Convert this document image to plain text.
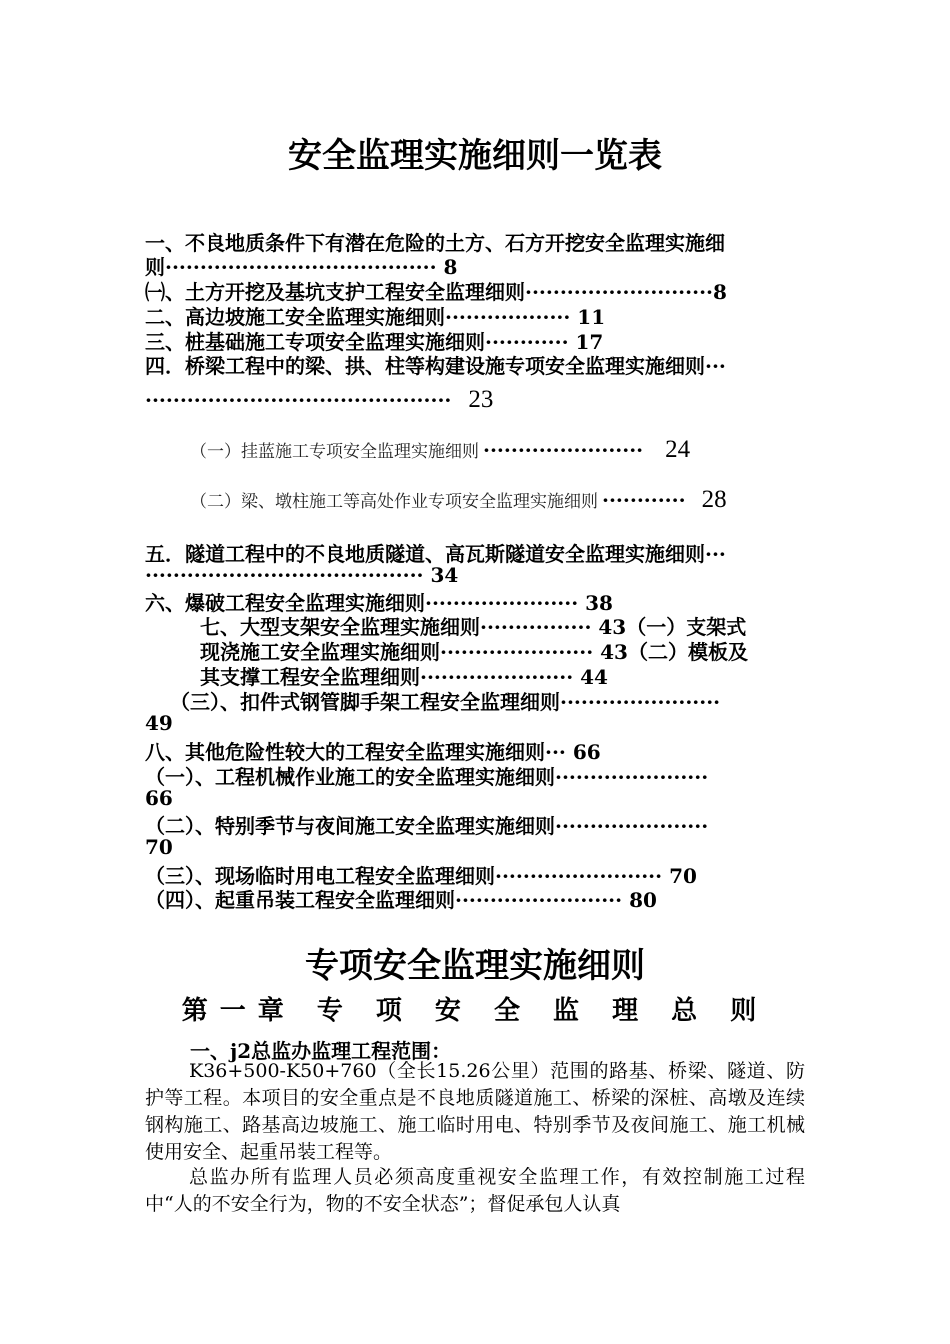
安全监理实施细则一览表
一、不良地质条件下有潜在危险的土方、石方开挖安全监理实施细
则······································· 8
㈠、土方开挖及基坑支护工程安全监理细则···························8
二、高边坡施工安全监理实施细则·················· 11
三、桩基础施工专项安全监理实施细则············ 17
四．桥梁工程中的梁、拱、柱等构建设施专项安全监理实施细则···
············································ 23
（一）挂蓝施工专项安全监理实施细则 ······················· 24
（二）梁、墩柱施工等高处作业专项安全监理实施细则 ············ 28
五．隧道工程中的不良地质隧道、高瓦斯隧道安全监理实施细则···
········································ 34
六、爆破工程安全监理实施细则······················ 38
七、大型支架安全监理实施细则················ 43（一）支架式
现浇施工安全监理实施细则······················ 43（二）模板及
其支撑工程安全监理细则······················ 44
（三）、扣件式钢管脚手架工程安全监理细则·······················
49
八、其他危险性较大的工程安全监理实施细则··· 66
（一）、工程机械作业施工的安全监理实施细则······················
66
（二）、特别季节与夜间施工安全监理实施细则······················
70
（三）、现场临时用电工程安全监理细则························ 70
（四）、起重吊装工程安全监理细则························ 80
专项安全监理实施细则
第一章 专 项 安 全 监 理 总 则
一、j2总监办监理工程范围：
K36+500-K50+760（全长15.26公里）范围的路基、桥梁、隧道、防护等工程。本项目的安全重点是不良地质隧道施工、桥梁的深桩、高墩及连续钢构施工、路基高边坡施工、施工临时用电、特别季节及夜间施工、施工机械使用安全、起重吊装工程等。
总监办所有监理人员必须高度重视安全监理工作，有效控制施工过程中“人的不安全行为，物的不安全状态”；督促承包人认真
